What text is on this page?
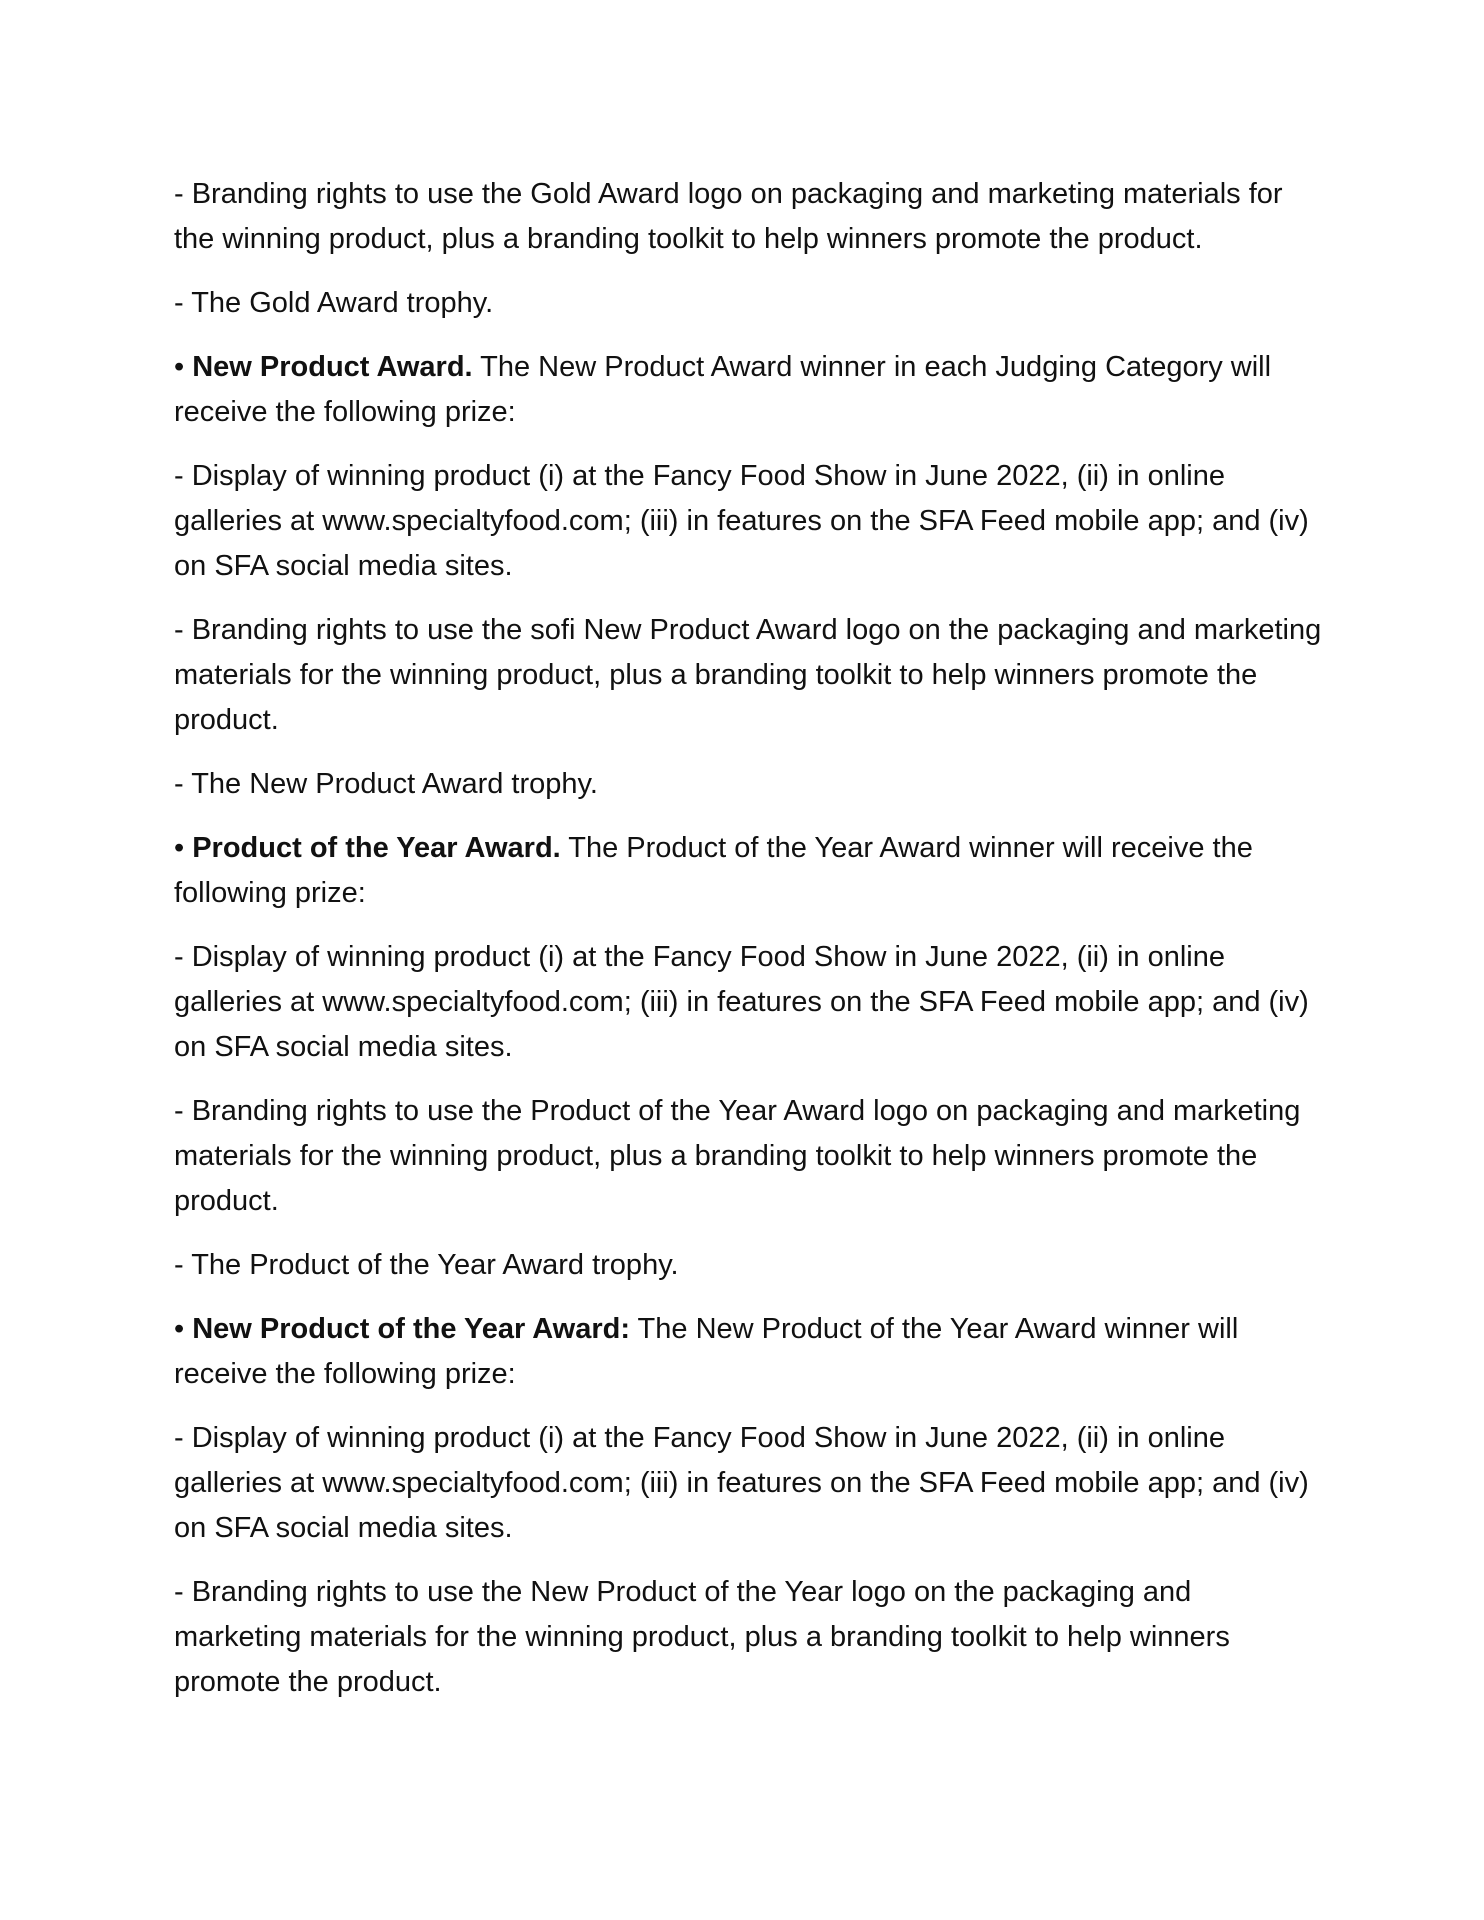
- Branding rights to use the Gold Award logo on packaging and marketing materials for the winning product, plus a branding toolkit to help winners promote the product.

- The Gold Award trophy.

• New Product Award. The New Product Award winner in each Judging Category will receive the following prize:

- Display of winning product (i) at the Fancy Food Show in June 2022, (ii) in online galleries at www.specialtyfood.com; (iii) in features on the SFA Feed mobile app; and (iv) on SFA social media sites.

- Branding rights to use the sofi New Product Award logo on the packaging and marketing materials for the winning product, plus a branding toolkit to help winners promote the product.

- The New Product Award trophy.

• Product of the Year Award. The Product of the Year Award winner will receive the following prize:

- Display of winning product (i) at the Fancy Food Show in June 2022, (ii) in online galleries at www.specialtyfood.com; (iii) in features on the SFA Feed mobile app; and (iv) on SFA social media sites.

- Branding rights to use the Product of the Year Award logo on packaging and marketing materials for the winning product, plus a branding toolkit to help winners promote the product.

- The Product of the Year Award trophy.

• New Product of the Year Award: The New Product of the Year Award winner will receive the following prize:

- Display of winning product (i) at the Fancy Food Show in June 2022, (ii) in online galleries at www.specialtyfood.com; (iii) in features on the SFA Feed mobile app; and (iv) on SFA social media sites.

- Branding rights to use the New Product of the Year logo on the packaging and marketing materials for the winning product, plus a branding toolkit to help winners promote the product.
